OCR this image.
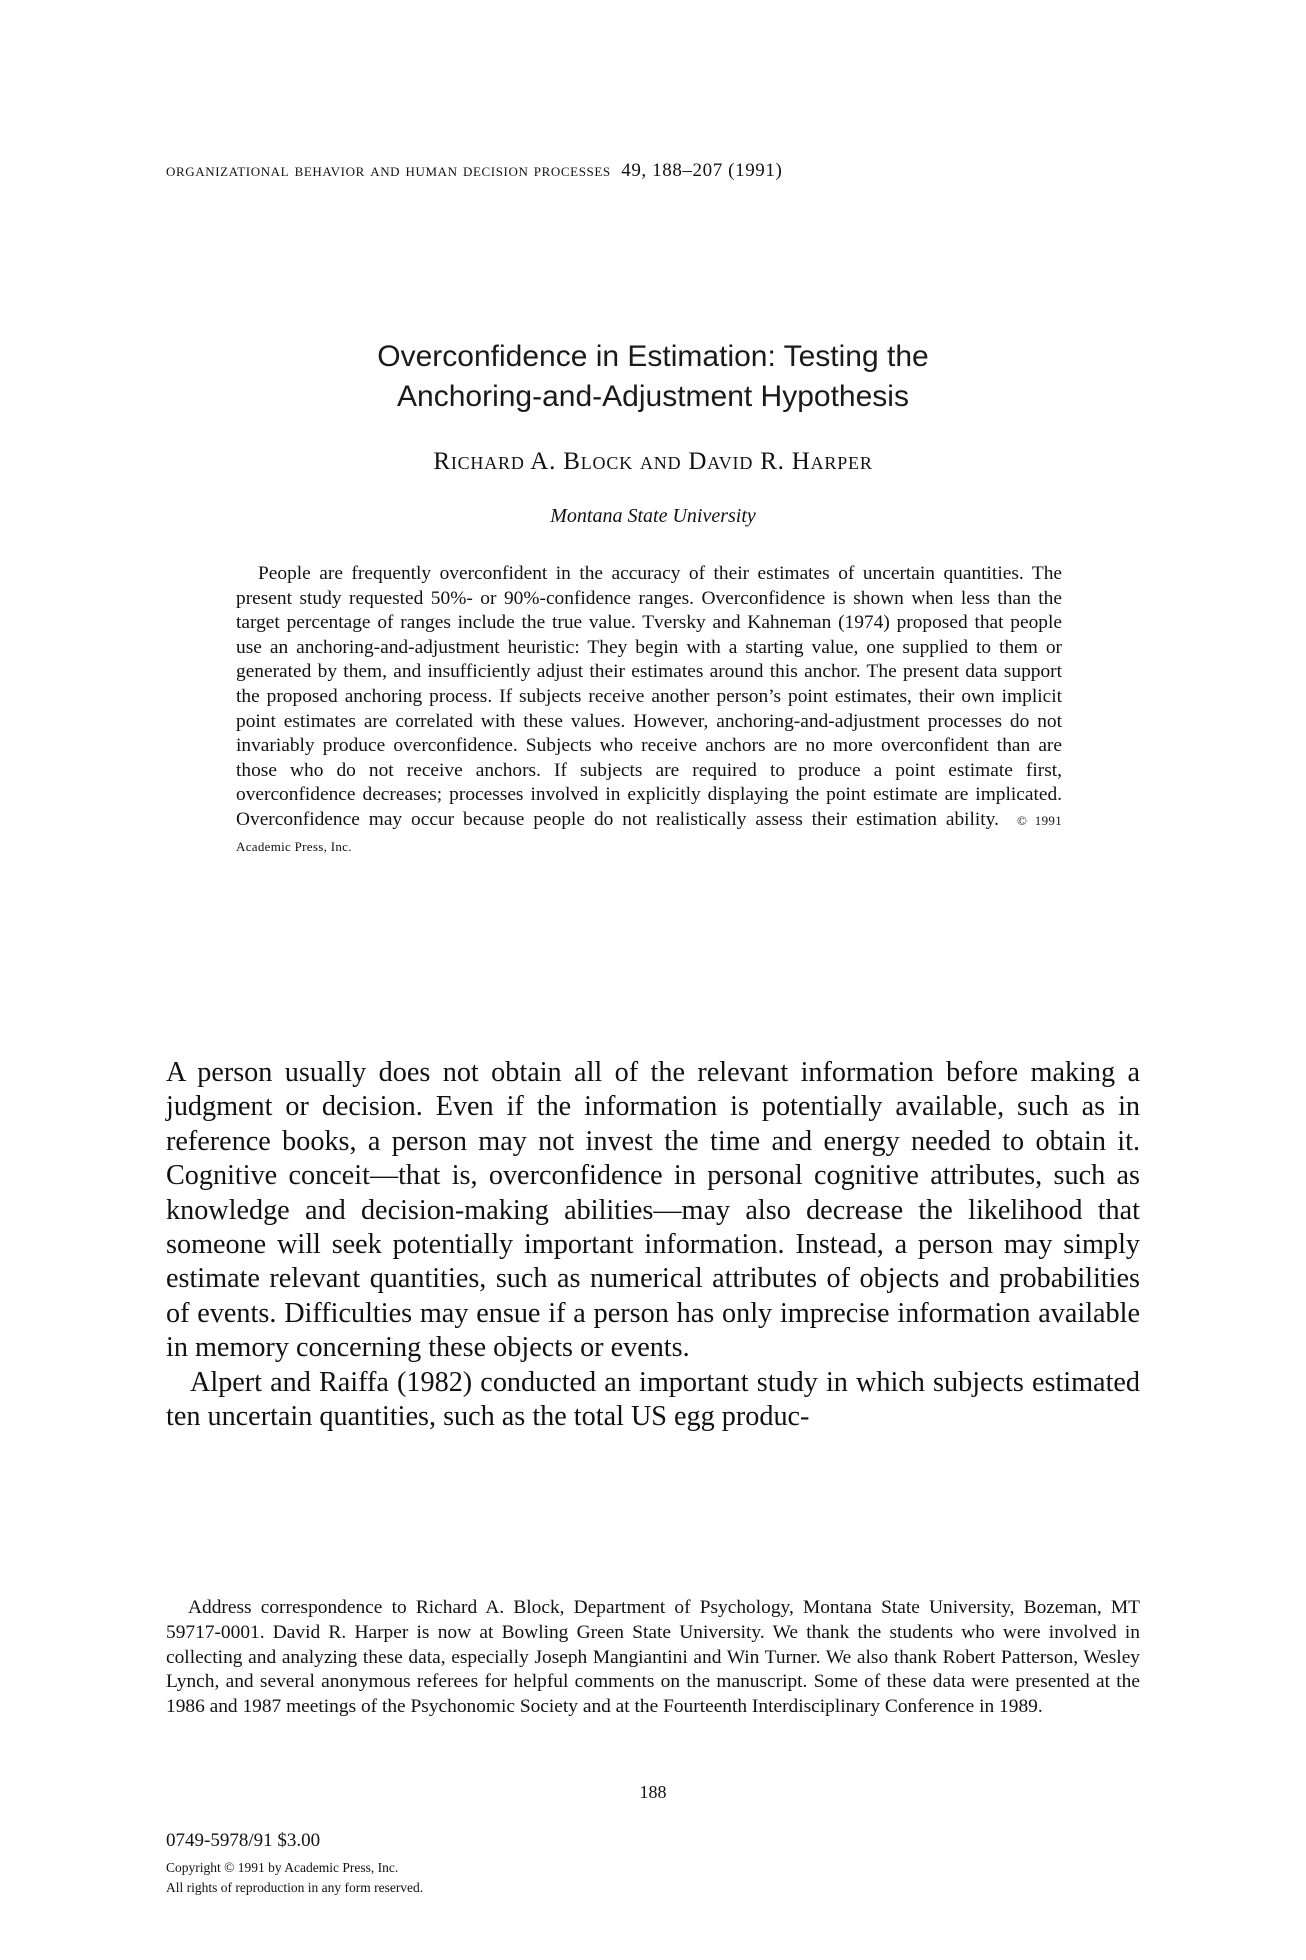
organizational behavior and human decision processes 49, 188–207 (1991)
Overconfidence in Estimation: Testing the
Anchoring-and-Adjustment Hypothesis
Richard A. Block and David R. Harper
Montana State University
People are frequently overconfident in the accuracy of their estimates of uncertain quantities. The present study requested 50%- or 90%-confidence ranges. Overconfidence is shown when less than the target percentage of ranges include the true value. Tversky and Kahneman (1974) proposed that people use an anchoring-and-adjustment heuristic: They begin with a starting value, one supplied to them or generated by them, and insufficiently adjust their estimates around this anchor. The present data support the proposed anchoring process. If subjects receive another person’s point estimates, their own implicit point estimates are correlated with these values. However, anchoring-and-adjustment processes do not invariably produce overconfidence. Subjects who receive anchors are no more overconfident than are those who do not receive anchors. If subjects are required to produce a point estimate first, overconfidence decreases; processes involved in explicitly displaying the point estimate are implicated. Overconfidence may occur because people do not realistically assess their estimation ability. © 1991 Academic Press, Inc.

A person usually does not obtain all of the relevant information before making a judgment or decision. Even if the information is potentially available, such as in reference books, a person may not invest the time and energy needed to obtain it. Cognitive conceit—that is, overconfidence in personal cognitive attributes, such as knowledge and decision-making abilities—may also decrease the likelihood that someone will seek potentially important information. Instead, a person may simply estimate relevant quantities, such as numerical attributes of objects and probabilities of events. Difficulties may ensue if a person has only imprecise information available in memory concerning these objects or events.

Alpert and Raiffa (1982) conducted an important study in which subjects estimated ten uncertain quantities, such as the total US egg produc-

Address correspondence to Richard A. Block, Department of Psychology, Montana State University, Bozeman, MT 59717-0001. David R. Harper is now at Bowling Green State University. We thank the students who were involved in collecting and analyzing these data, especially Joseph Mangiantini and Win Turner. We also thank Robert Patterson, Wesley Lynch, and several anonymous referees for helpful comments on the manuscript. Some of these data were presented at the 1986 and 1987 meetings of the Psychonomic Society and at the Fourteenth Interdisciplinary Conference in 1989.
188
0749-5978/91 $3.00
Copyright © 1991 by Academic Press, Inc.
All rights of reproduction in any form reserved.
